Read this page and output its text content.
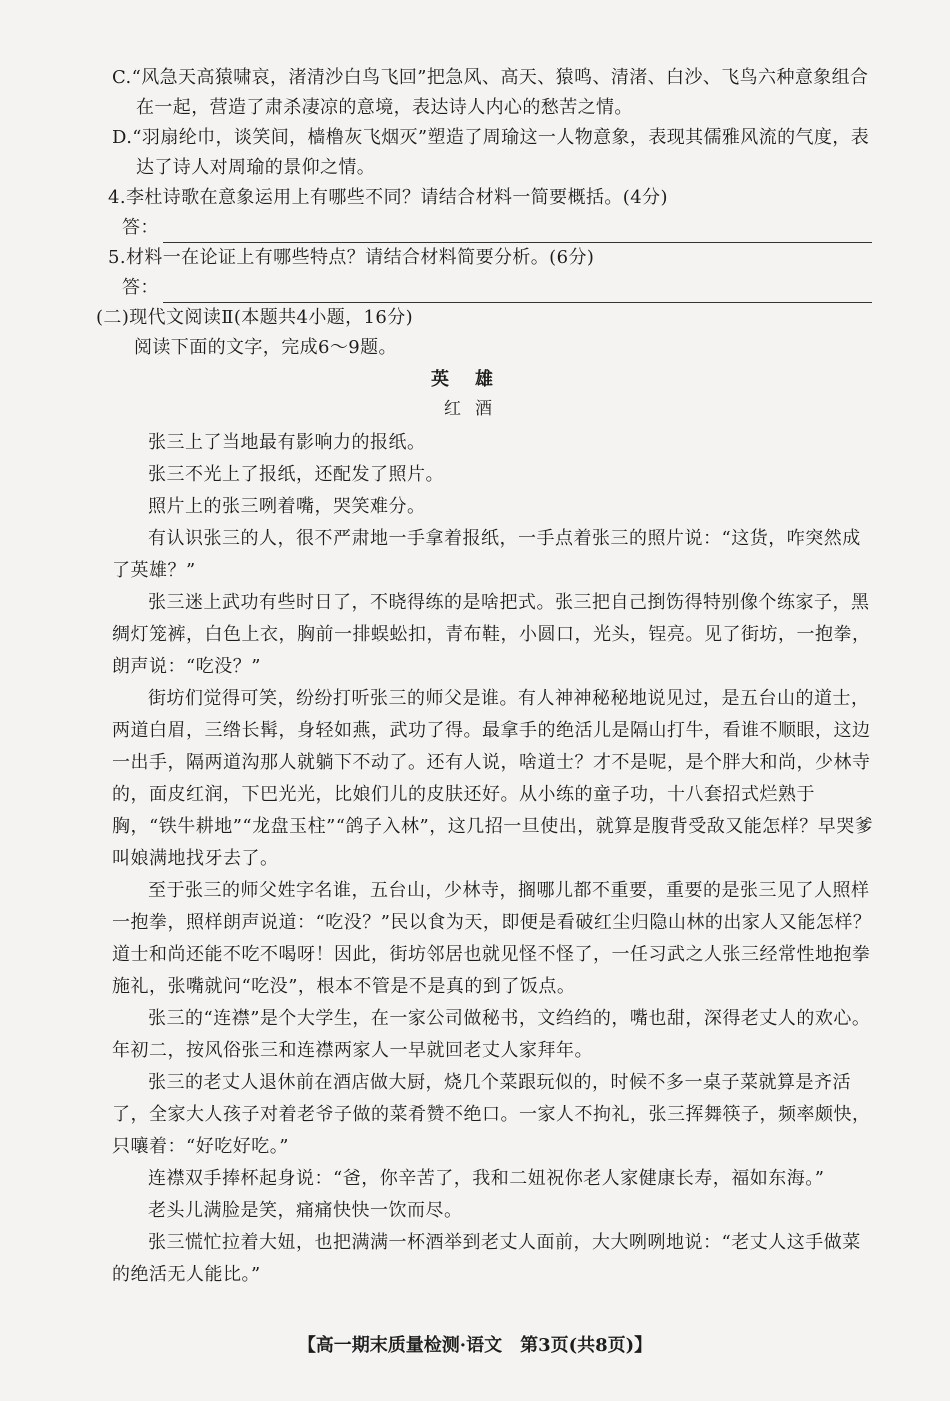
C.“风急天高猿啸哀，渚清沙白鸟飞回”把急风、高天、猿鸣、清渚、白沙、飞鸟六种意象组合在一起，营造了肃杀凄凉的意境，表达诗人内心的愁苦之情。
D.“羽扇纶巾，谈笑间，樯橹灰飞烟灭”塑造了周瑜这一人物意象，表现其儒雅风流的气度，表达了诗人对周瑜的景仰之情。
4.李杜诗歌在意象运用上有哪些不同？请结合材料一简要概括。(4分)
答：
5.材料一在论证上有哪些特点？请结合材料简要分析。(6分)
答：
(二)现代文阅读Ⅱ(本题共4小题，16分)
阅读下面的文字，完成6～9题。
英雄
红酒

张三上了当地最有影响力的报纸。

张三不光上了报纸，还配发了照片。

照片上的张三咧着嘴，哭笑难分。

有认识张三的人，很不严肃地一手拿着报纸，一手点着张三的照片说：“这货，咋突然成了英雄？”

张三迷上武功有些时日了，不晓得练的是啥把式。张三把自己捯饬得特别像个练家子，黑绸灯笼裤，白色上衣，胸前一排蜈蚣扣，青布鞋，小圆口，光头，锃亮。见了街坊，一抱拳，朗声说：“吃没？”

街坊们觉得可笑，纷纷打听张三的师父是谁。有人神神秘秘地说见过，是五台山的道士，两道白眉，三绺长髯，身轻如燕，武功了得。最拿手的绝活儿是隔山打牛，看谁不顺眼，这边一出手，隔两道沟那人就躺下不动了。还有人说，啥道士？才不是呢，是个胖大和尚，少林寺的，面皮红润，下巴光光，比娘们儿的皮肤还好。从小练的童子功，十八套招式烂熟于胸，“铁牛耕地”“龙盘玉柱”“鸽子入林”，这几招一旦使出，就算是腹背受敌又能怎样？早哭爹叫娘满地找牙去了。

至于张三的师父姓字名谁，五台山，少林寺，搁哪儿都不重要，重要的是张三见了人照样一抱拳，照样朗声说道：“吃没？”民以食为天，即便是看破红尘归隐山林的出家人又能怎样？道士和尚还能不吃不喝呀！因此，街坊邻居也就见怪不怪了，一任习武之人张三经常性地抱拳施礼，张嘴就问“吃没”，根本不管是不是真的到了饭点。

张三的“连襟”是个大学生，在一家公司做秘书，文绉绉的，嘴也甜，深得老丈人的欢心。年初二，按风俗张三和连襟两家人一早就回老丈人家拜年。

张三的老丈人退休前在酒店做大厨，烧几个菜跟玩似的，时候不多一桌子菜就算是齐活了，全家大人孩子对着老爷子做的菜肴赞不绝口。一家人不拘礼，张三挥舞筷子，频率颇快，只嚷着：“好吃好吃。”

连襟双手捧杯起身说：“爸，你辛苦了，我和二妞祝你老人家健康长寿，福如东海。”

老头儿满脸是笑，痛痛快快一饮而尽。

张三慌忙拉着大妞，也把满满一杯酒举到老丈人面前，大大咧咧地说：“老丈人这手做菜的绝活无人能比。”

【高一期末质量检测·语文　第3页(共8页)】
